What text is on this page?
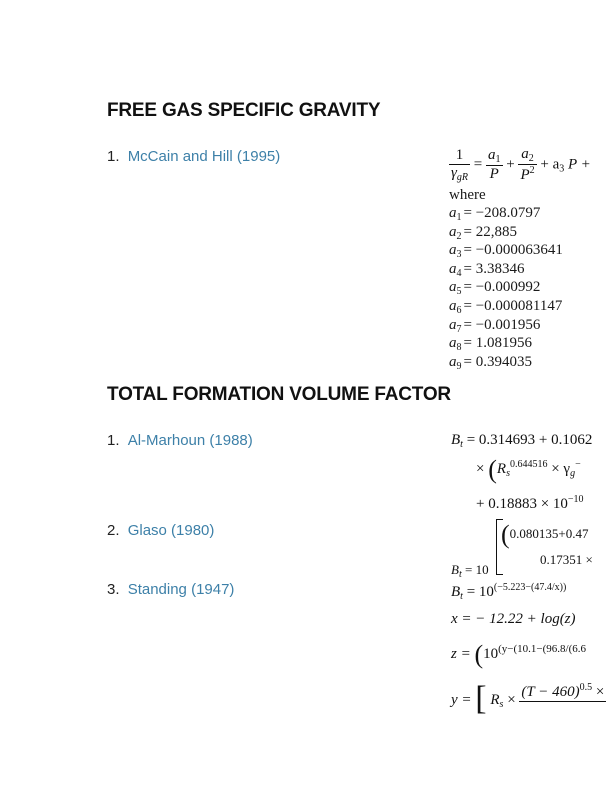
FREE GAS SPECIFIC GRAVITY
1. McCain and Hill (1995)	$\frac{1}{\gamma_{gR}} = \frac{a_1}{P} + \frac{a_2}{P^2} + a_3$ P +
where
$a_1 = -208.0797$
$a_2 = 22,885$
$a_3 = -0.000063641$
$a_4 = 3.38346$
$a_5 = -0.000992$
$a_6 = -0.000081147$
$a_7 = -0.001956$
$a_8 = 1.081956$
$a_9 = 0.394035$
TOTAL FORMATION VOLUME FACTOR
1. Al-Marhoun (1988)
2. Glaso (1980)
3. Standing (1947)
$B_t = 0.314693 + 0.1062$
× ($R_s^{0.644516} \times \gamma_g^-$
+ $0.18883 \times 10^{-10}$
(0.080135+0.47
0.17351 ×
$B_t = 10$
$B_t = 10^{(-5.223-(47.4/x))}$
x = − 12.22 + log(z)
$z = (10^{(y-(10.1-(96.8/(6.6}$
y = [ $R_s \times (T - 460)^{0.5}$ ×
